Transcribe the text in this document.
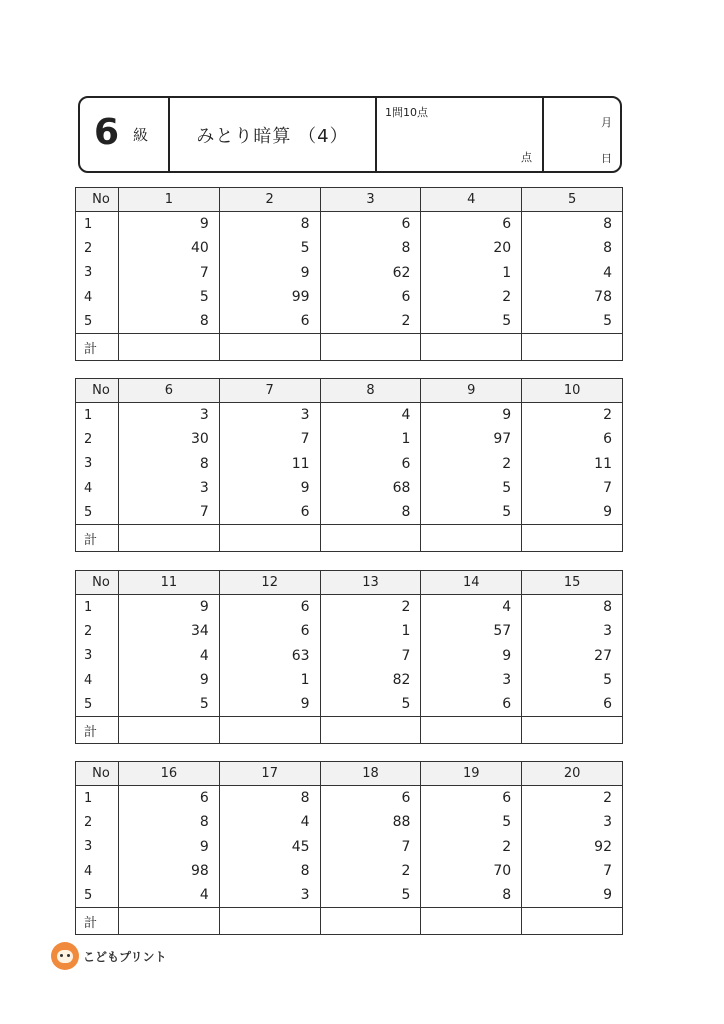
6 級	みとり暗算 （4）
1問10点
点
月
日
No	1	2	3	4	5
1	9	8	6	6	8
2	40	5	8	20	8
3	7	9	62	1	4
4	5	99	6	2	78
5	8	6	2	5	5
計					
No	6	7	8	9	10
1	3	3	4	9	2
2	30	7	1	97	6
3	8	11	6	2	11
4	3	9	68	5	7
5	7	6	8	5	9
計					
No	11	12	13	14	15
1	9	6	2	4	8
2	34	6	1	57	3
3	4	63	7	9	27
4	9	1	82	3	5
5	5	9	5	6	6
計					
No	16	17	18	19	20
1	6	8	6	6	2
2	8	4	88	5	3
3	9	45	7	2	92
4	98	8	2	70	7
5	4	3	5	8	9
計					
こどもプリント
